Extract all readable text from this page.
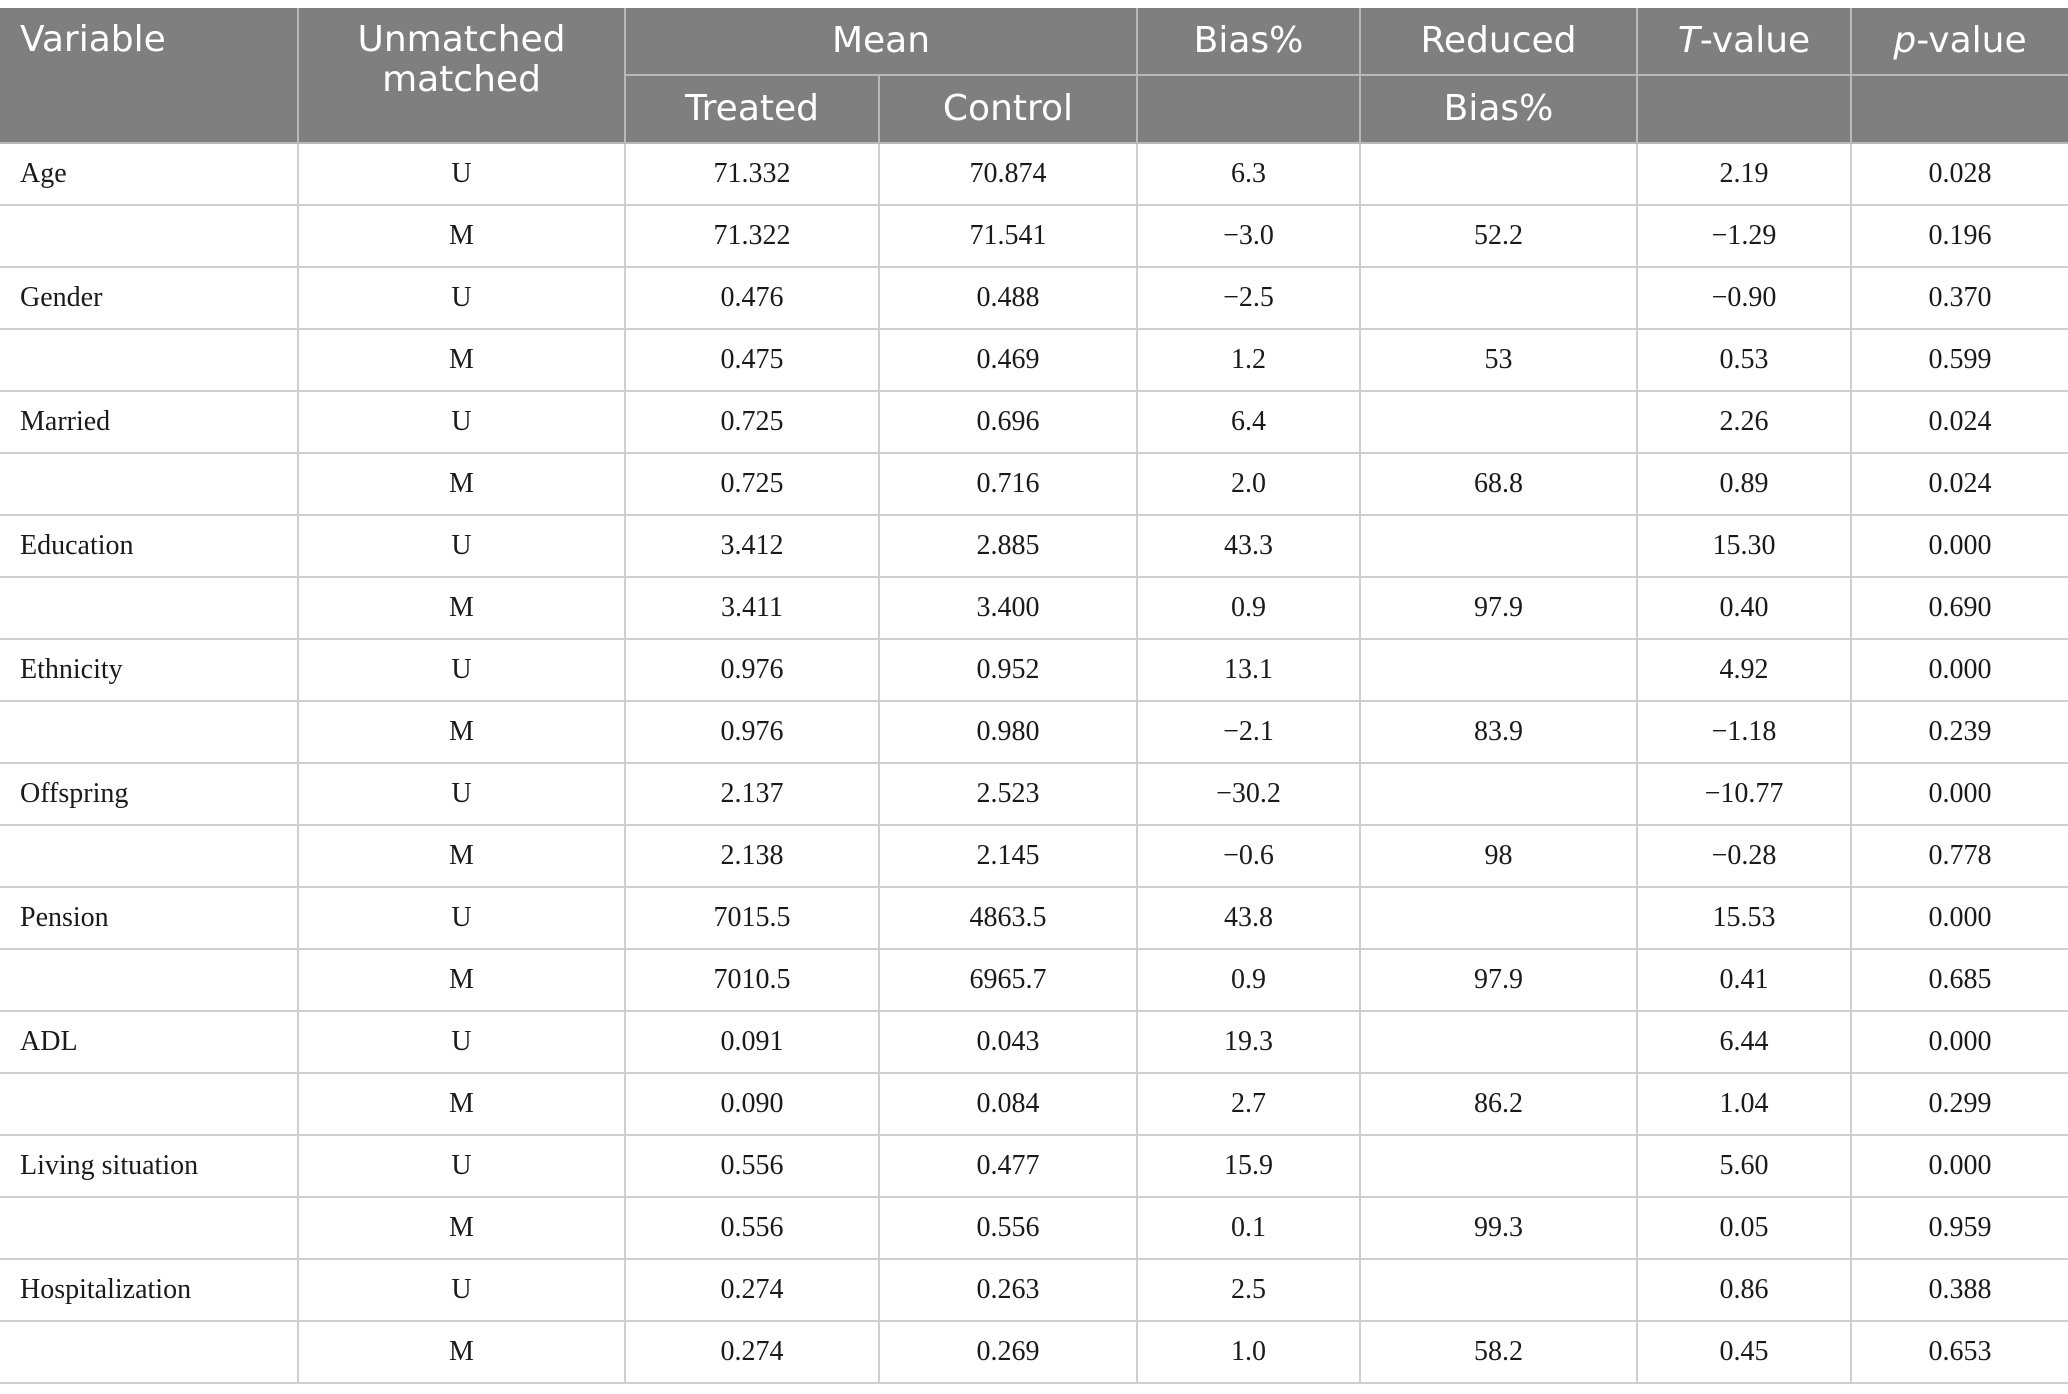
Variable	Unmatched matched	Mean		Bias%	Reduced	T-value	p-value
		Treated	Control		Bias%		
Age	U	71.332	70.874	6.3		2.19	0.028
	M	71.322	71.541	−3.0	52.2	−1.29	0.196
Gender	U	0.476	0.488	−2.5		−0.90	0.370
	M	0.475	0.469	1.2	53	0.53	0.599
Married	U	0.725	0.696	6.4		2.26	0.024
	M	0.725	0.716	2.0	68.8	0.89	0.024
Education	U	3.412	2.885	43.3		15.30	0.000
	M	3.411	3.400	0.9	97.9	0.40	0.690
Ethnicity	U	0.976	0.952	13.1		4.92	0.000
	M	0.976	0.980	−2.1	83.9	−1.18	0.239
Offspring	U	2.137	2.523	−30.2		−10.77	0.000
	M	2.138	2.145	−0.6	98	−0.28	0.778
Pension	U	7015.5	4863.5	43.8		15.53	0.000
	M	7010.5	6965.7	0.9	97.9	0.41	0.685
ADL	U	0.091	0.043	19.3		6.44	0.000
	M	0.090	0.084	2.7	86.2	1.04	0.299
Living situation	U	0.556	0.477	15.9		5.60	0.000
	M	0.556	0.556	0.1	99.3	0.05	0.959
Hospitalization	U	0.274	0.263	2.5		0.86	0.388
	M	0.274	0.269	1.0	58.2	0.45	0.653
